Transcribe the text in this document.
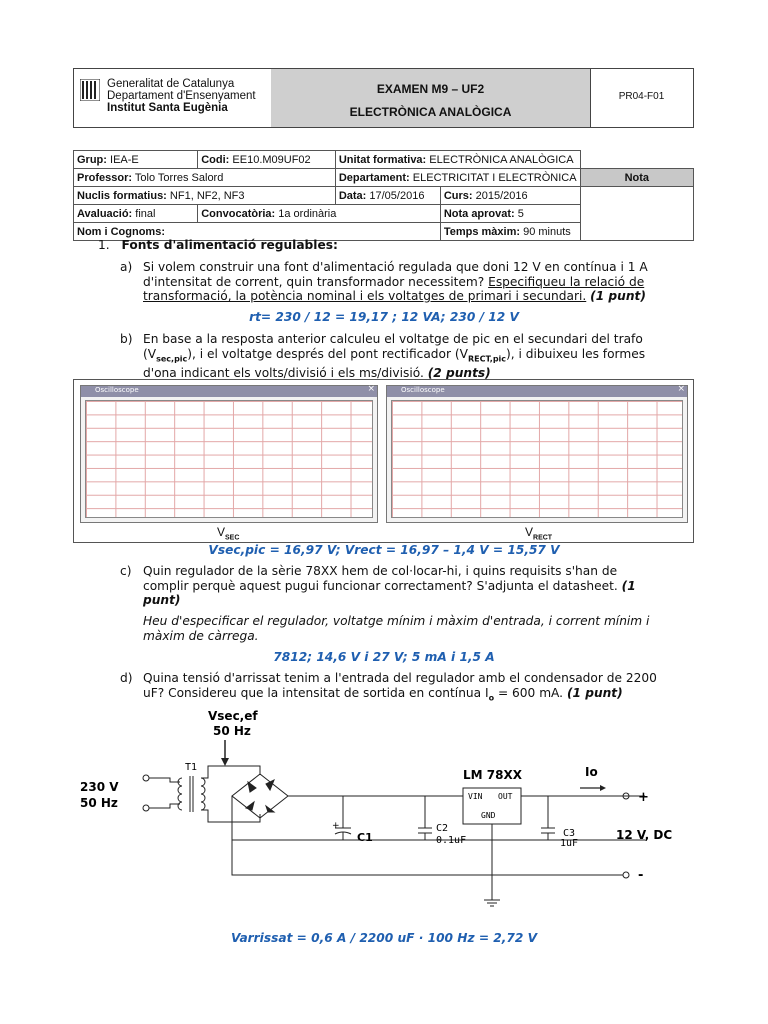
Generalitat de Catalunya
Departament d'Ensenyament
Institut Santa Eugènia
EXAMEN M9 – UF2
ELECTRÒNICA ANALÒGICA
PR04-F01
Grup: IEA-E	Codi: EE10.M09UF02	Unitat formativa: ELECTRÒNICA ANALÒGICA		
Professor: Tolo Torres Salord		Departament: ELECTRICITAT I ELECTRÒNICA		Nota
Nuclis formatius: NF1, NF2, NF3		Data: 17/05/2016	Curs: 2015/2016	
Avaluació: final	Convocatòria: 1a ordinària		Nota aprovat: 5	
Nom i Cognoms:			Temps màxim: 90 minuts	
1. Fonts d'alimentació regulables:
a) Si volem construir una font d'alimentació regulada que doni 12 V en contínua i 1 A
d'intensitat de corrent, quin transformador necessitem? Especifiqueu la relació de
transformació, la potència nominal i els voltatges de primari i secundari. (1 punt)
rt= 230 / 12 = 19,17 ; 12 VA; 230 / 12 V
b) En base a la resposta anterior calculeu el voltatge de pic en el secundari del trafo
$(V_{sec,pic})$, i el voltatge després del pont rectificador $(V_{RECT,pic})$, i dibuixeu les formes
d'ona indicant els volts/divisió i els ms/divisió. (2 punts)
Oscilloscope	×	Oscilloscope	×
$V_{SEC}$	$V_{RECT}$
Vsec,pic = 16,97 V; Vrect = 16,97 – 1,4 V = 15,57 V
c) Quin regulador de la sèrie 78XX hem de col·locar-hi, i quins requisits s'han de
complir perquè aquest pugui funcionar correctament? S'adjunta el datasheet. (1
punt)
Heu d'especificar el regulador, voltatge mínim i màxim d'entrada, i corrent mínim i
màxim de càrrega.
7812; 14,6 V i 27 V; 5 mA i 1,5 A
d) Quina tensió d'arrissat tenim a l'entrada del regulador amb el condensador de 2200
uF? Considereu que la intensitat de sortida en contínua $I_o = 600$ mA. (1 punt)
Vsec,ef
50 Hz
230 V
50 Hz
T1
+
C1
C2
0.1uF
LM 78XX
VIN OUT
GND
C3
1uF
Io
+
-
12 V, DC
Varrissat = 0,6 A / 2200 uF · 100 Hz = 2,72 V
